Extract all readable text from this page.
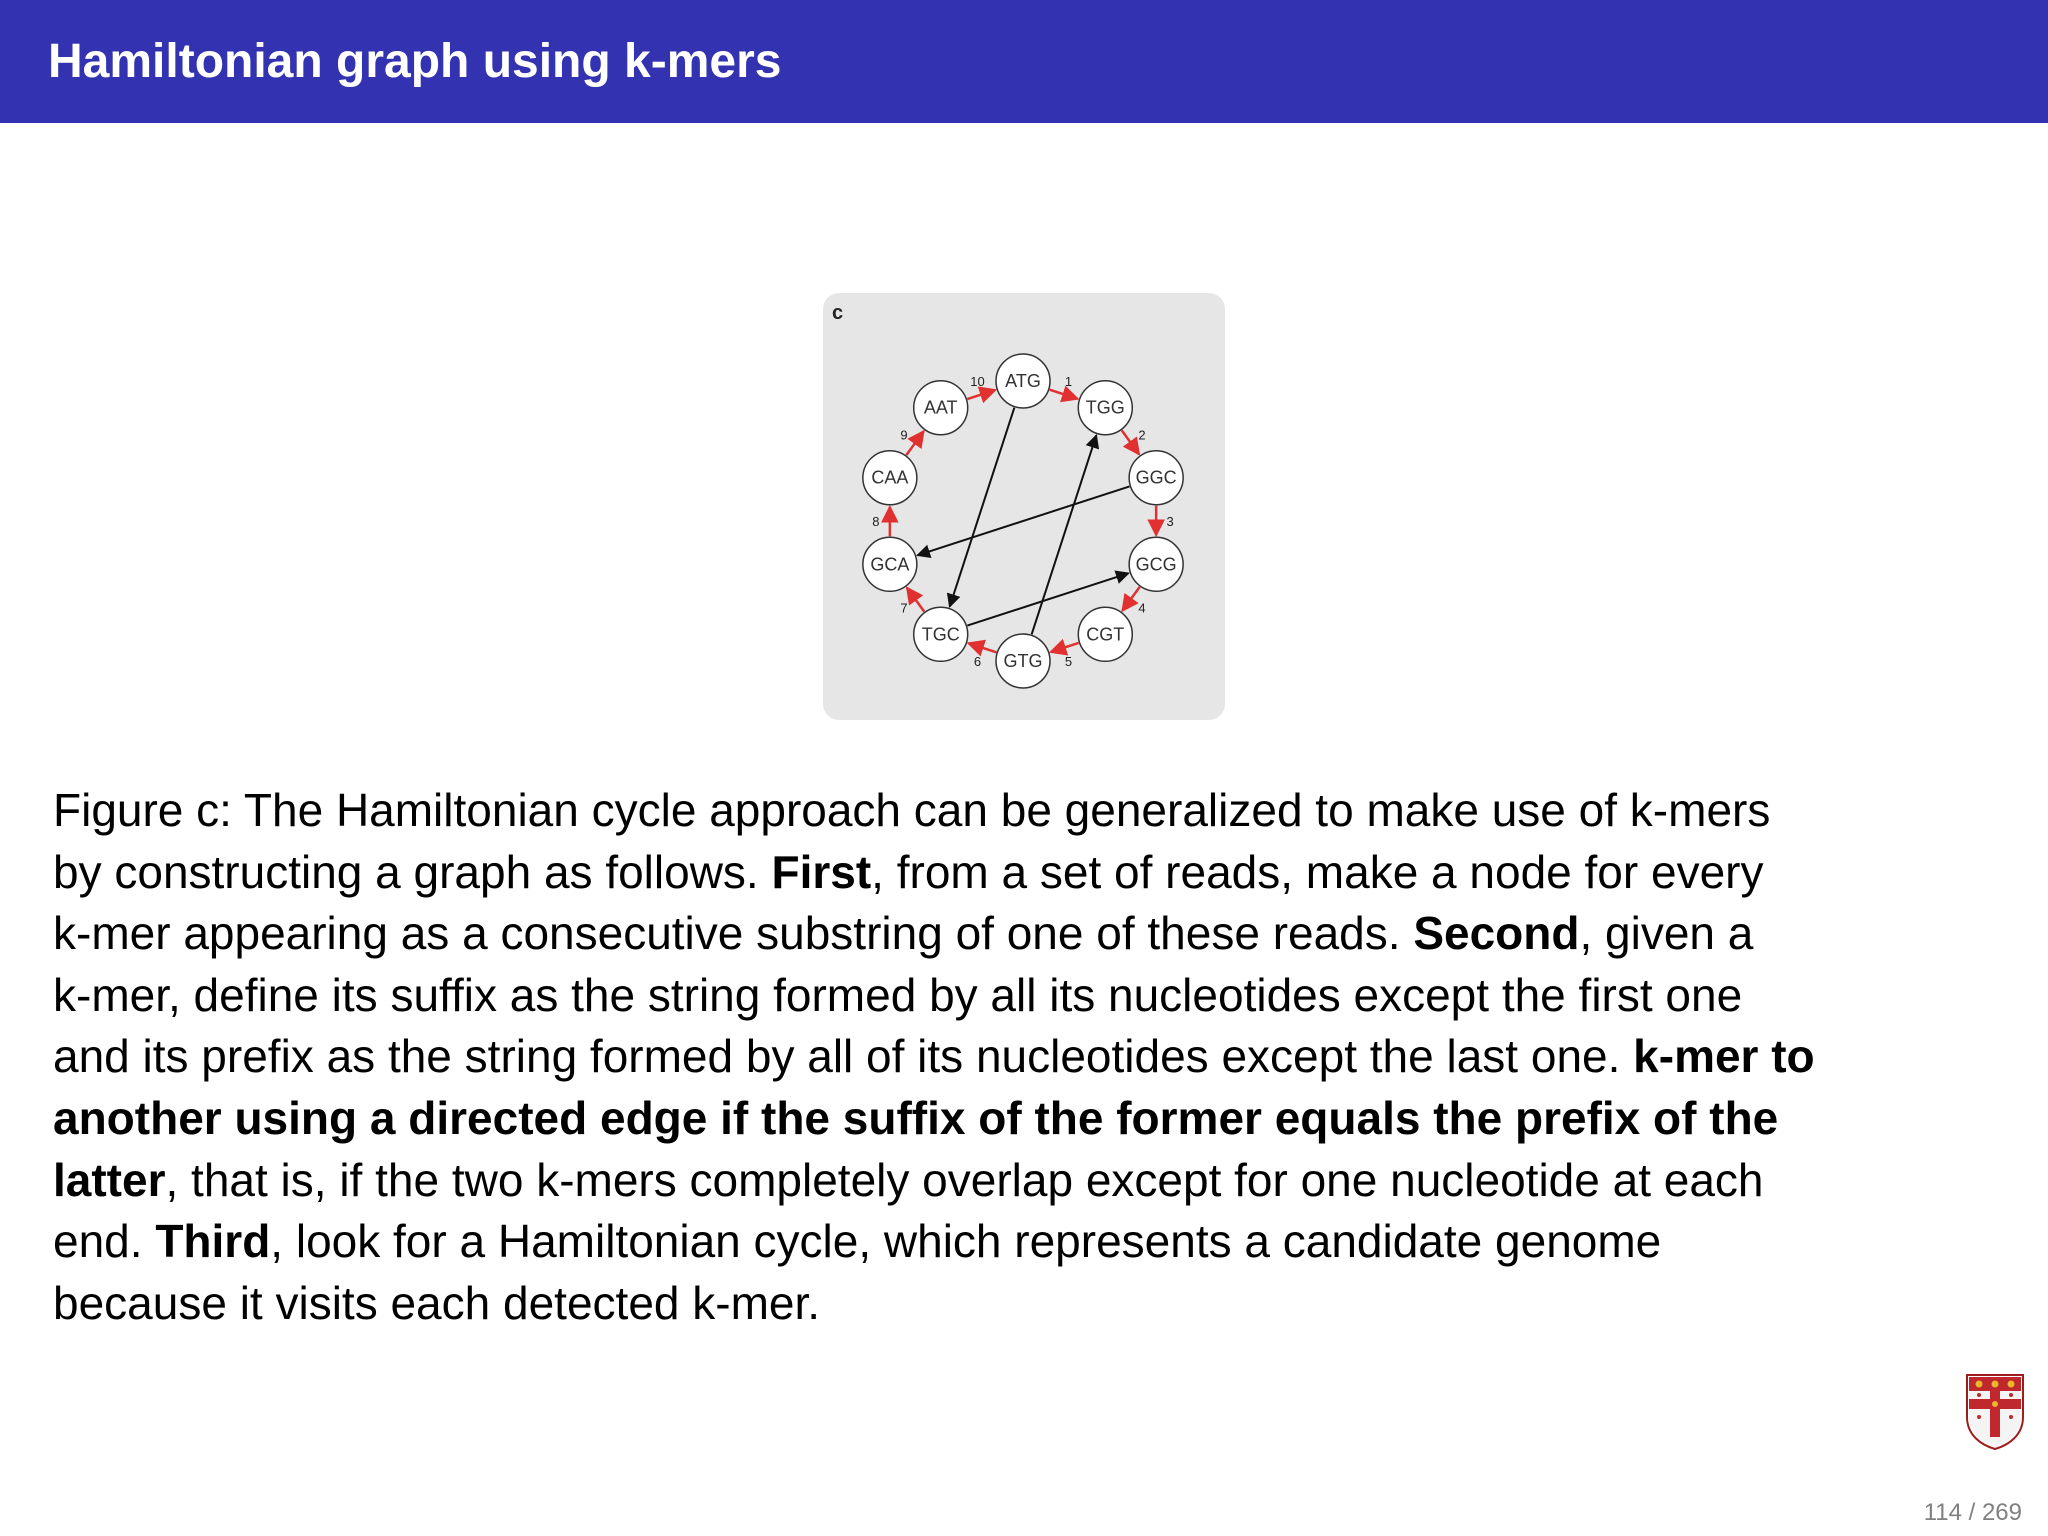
Hamiltonian graph using k-mers
c
1
2
3
4
5
6
7
8
9
10 ATG
TGG
GGC
GCG
CGT
GTG
TGC
GCA
CAA
AAT
Figure c: The Hamiltonian cycle approach can be generalized to make use of k-mers
by constructing a graph as follows. First, from a set of reads, make a node for every
k-mer appearing as a consecutive substring of one of these reads. Second, given a
k-mer, define its suffix as the string formed by all its nucleotides except the first one
and its prefix as the string formed by all of its nucleotides except the last one. k-mer to
another using a directed edge if the suffix of the former equals the prefix of the
latter, that is, if the two k-mers completely overlap except for one nucleotide at each
end. Third, look for a Hamiltonian cycle, which represents a candidate genome
because it visits each detected k-mer.
114 / 269
